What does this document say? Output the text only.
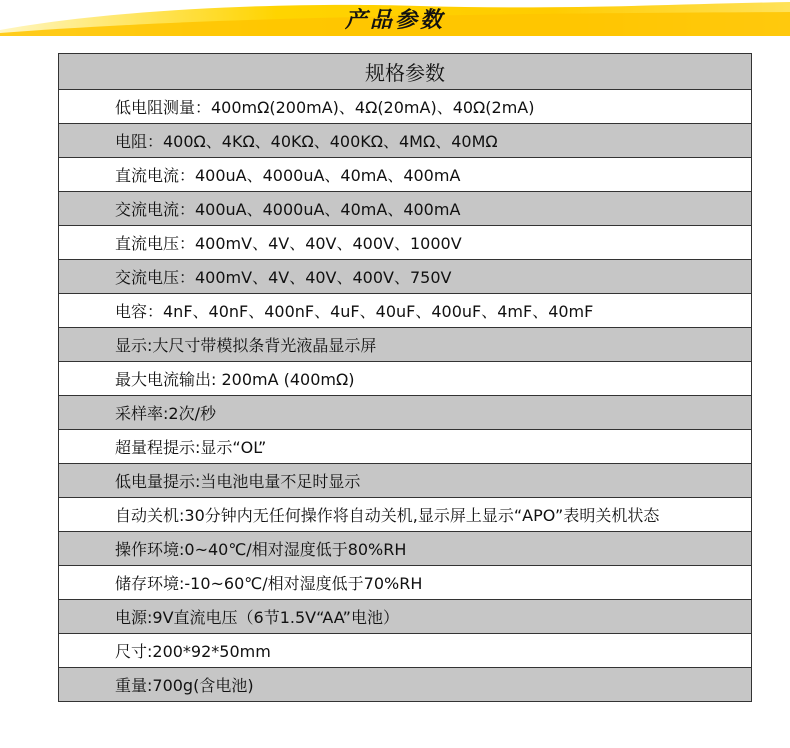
产品参数
规格参数
低电阻测量：400mΩ(200mA)、4Ω(20mA)、40Ω(2mA)
电阻：400Ω、4KΩ、40KΩ、400KΩ、4MΩ、40MΩ
直流电流：400uA、4000uA、40mA、400mA
交流电流：400uA、4000uA、40mA、400mA
直流电压：400mV、4V、40V、400V、1000V
交流电压：400mV、4V、40V、400V、750V
电容：4nF、40nF、400nF、4uF、40uF、400uF、4mF、40mF
显示:大尺寸带模拟条背光液晶显示屏
最大电流输出: 200mA (400mΩ)
采样率:2次/秒
超量程提示:显示“OL”
低电量提示:当电池电量不足时显示
自动关机:30分钟内无任何操作将自动关机,显示屏上显示“APO”表明关机状态
操作环境:0~40℃/相对湿度低于80%RH
储存环境:-10~60℃/相对湿度低于70%RH
电源:9V直流电压（6节1.5V“AA”电池）
尺寸:200*92*50mm
重量:700g(含电池)
